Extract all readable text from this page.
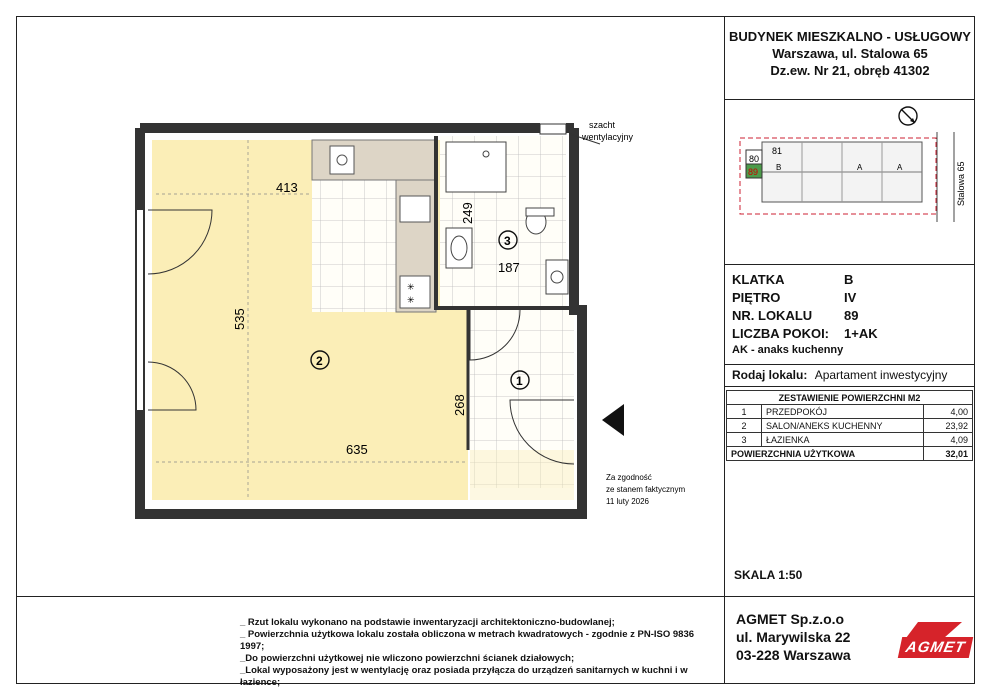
BUDYNEK MIESZKALNO - USŁUGOWY
Warszawa, ul. Stalowa 65
Dz.ew. Nr 21, obręb 41302
81
80
89 B	A	A	Stalowa 65
KLATKA	B
PIĘTRO	IV
NR. LOKALU	89
LICZBA POKOI:	1+AK
AK - anaks kuchenny
Rodaj lokalu: Apartament inwestycyjny
ZESTAWIENIE POWIERZCHNI M2		
1	PRZEDPOKÓJ	4,00
2	SALON/ANEKS KUCHENNY	23,92
3	ŁAZIENKA	4,09
POWIERZCHNIA UŻYTKOWA		32,01
SKALA 1:50
AGMET Sp.z.o.o
ul. Marywilska 22
03-228 Warszawa	AGMET
_ Rzut lokalu wykonano na podstawie inwentaryzacji architektoniczno-budowlanej;
_ Powierzchnia użytkowa lokalu została obliczona w metrach kwadratowych - zgodnie z PN-ISO 9836 1997;
_Do powierzchni użytkowej nie wliczono powierzchni ścianek działowych;
_Lokal wyposażony jest w wentylację oraz posiada przyłącza do urządzeń sanitarnych w kuchni i w łazience;
✳
✳
szacht
wentylacyjny
413
535
249
187
268
635
1
2
3
Za zgodność
ze stanem faktycznym
11 luty 2026
